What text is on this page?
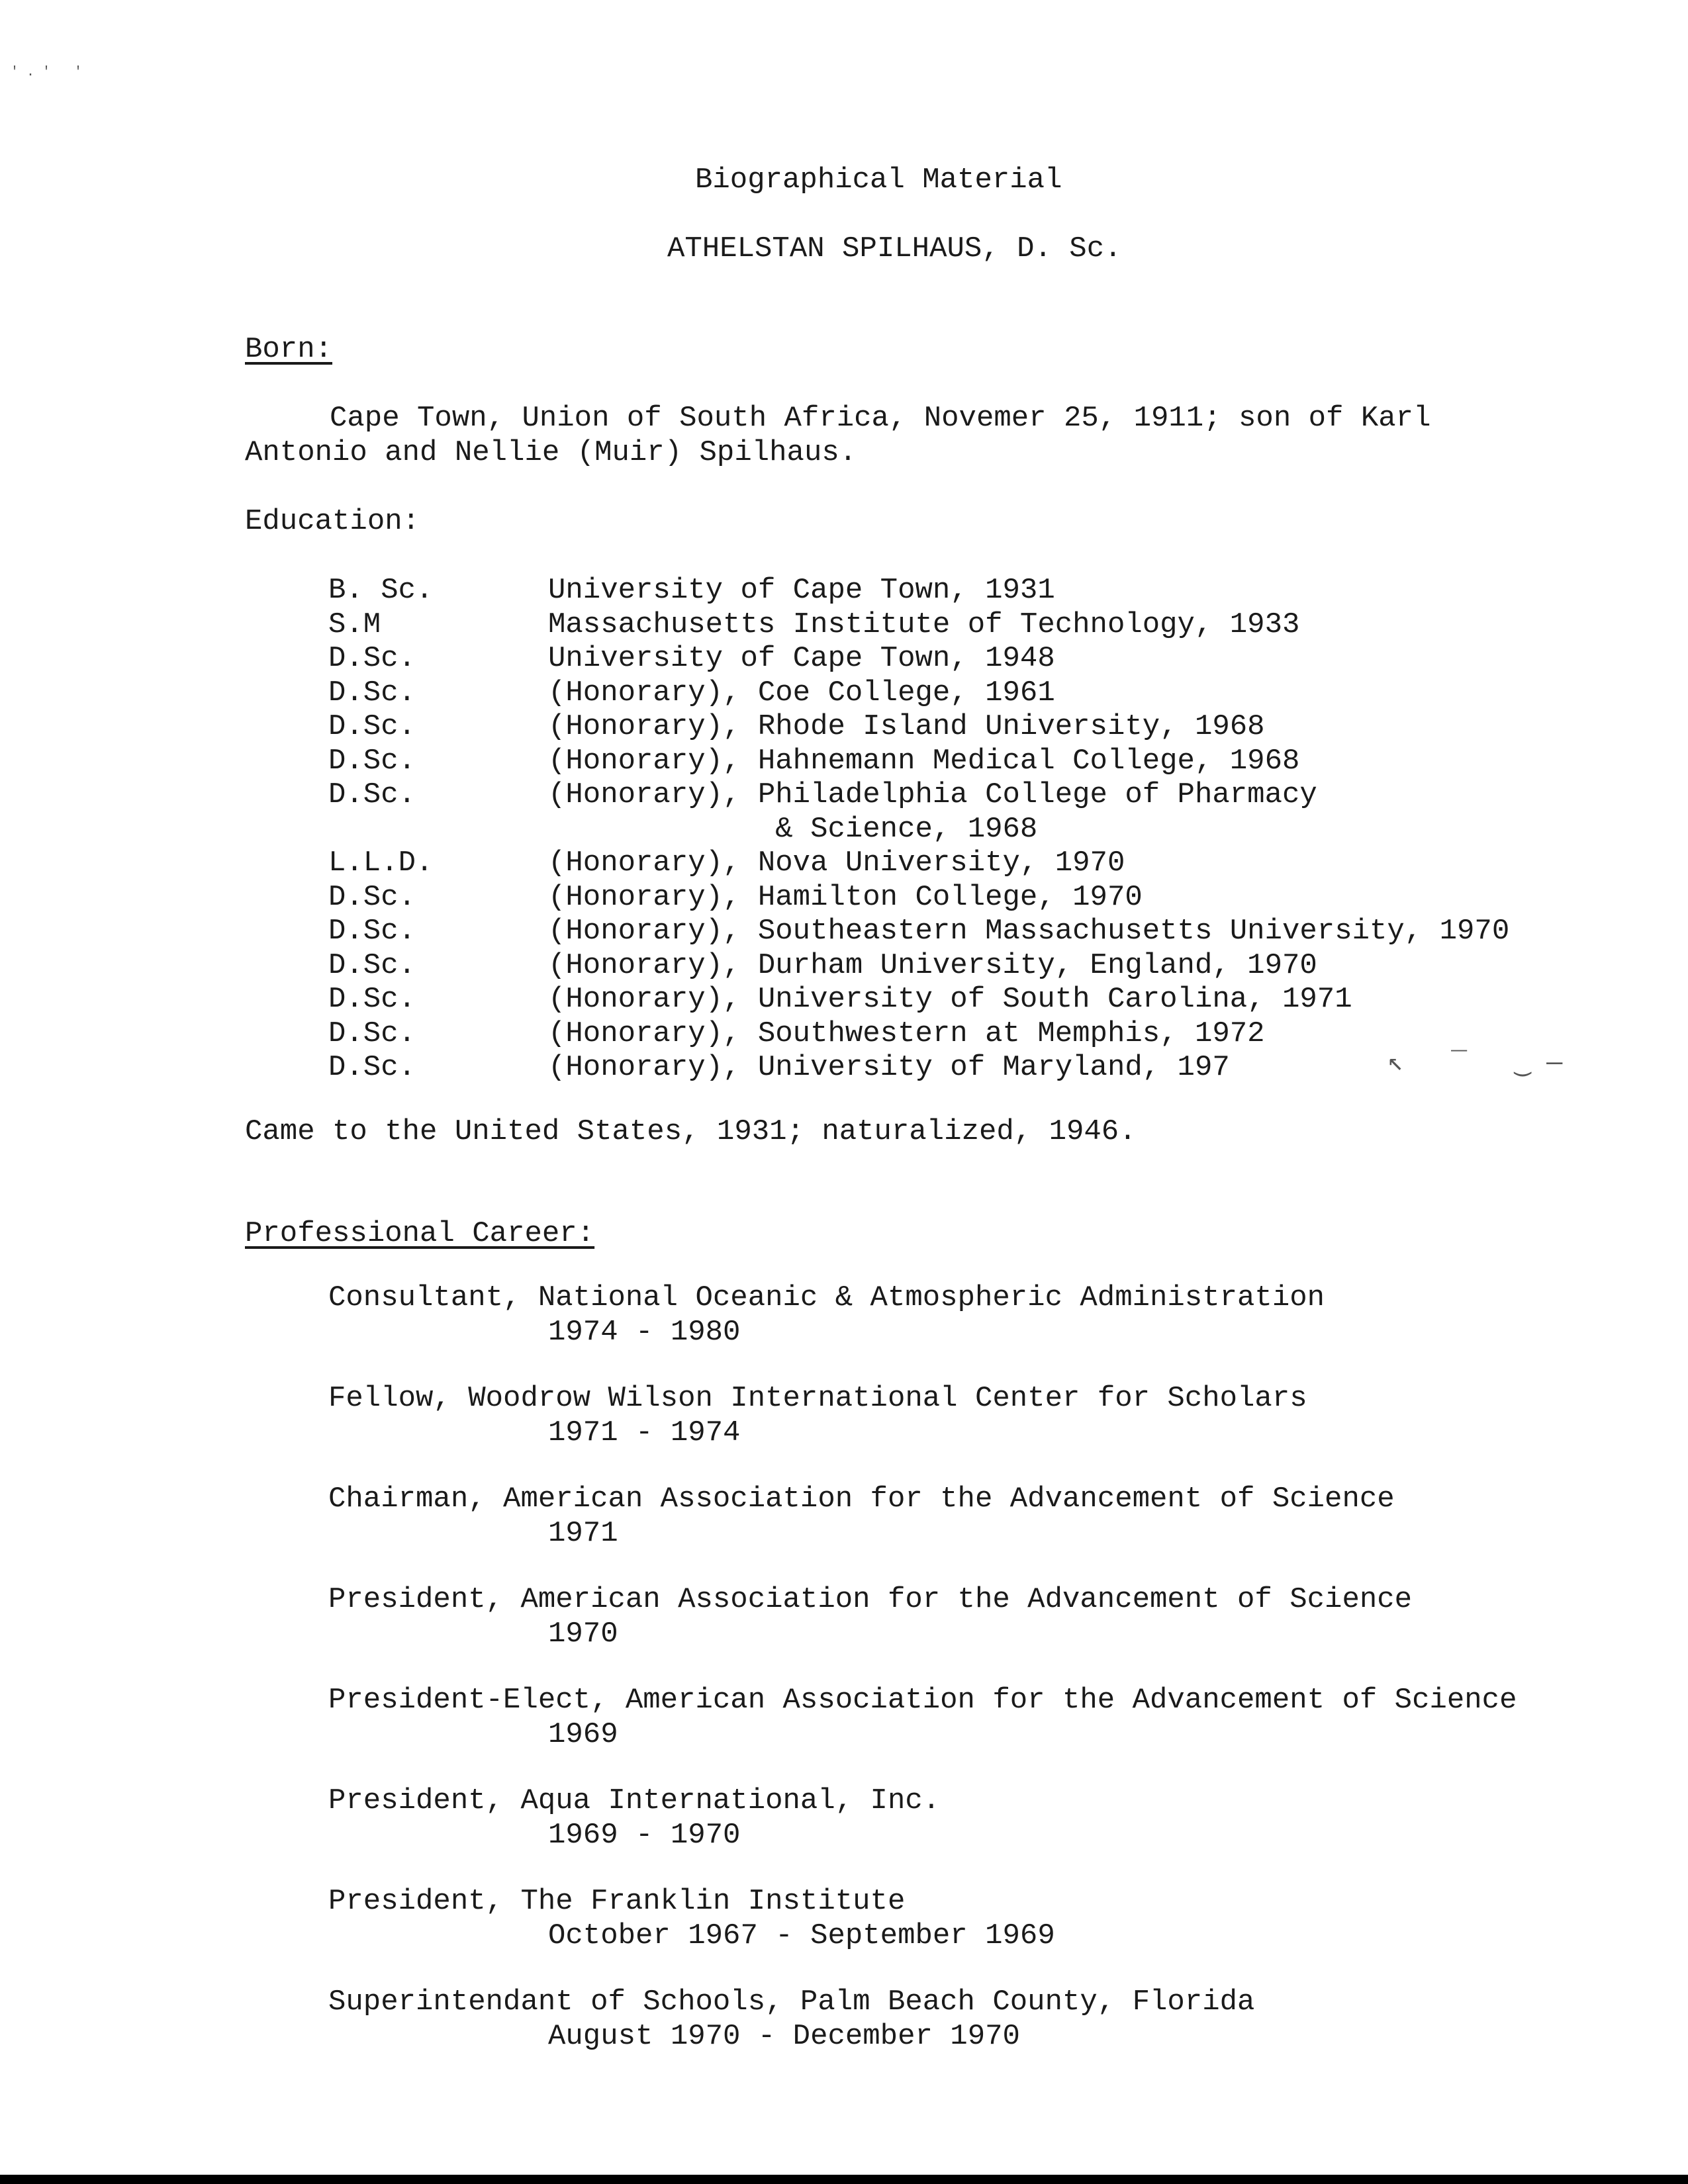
Biographical Material
ATHELSTAN SPILHAUS, D. Sc.
Born:
Cape Town, Union of South Africa, Novemer 25, 1911; son of Karl Antonio and Nellie (Muir) Spilhaus.
Education:
B. Sc.	University of Cape Town, 1931
S.M	Massachusetts Institute of Technology, 1933
D.Sc.	University of Cape Town, 1948
D.Sc.	(Honorary), Coe College, 1961
D.Sc.	(Honorary), Rhode Island University, 1968
D.Sc.	(Honorary), Hahnemann Medical College, 1968
D.Sc.	(Honorary), Philadelphia College of Pharmacy
& Science, 1968
L.L.D.	(Honorary), Nova University, 1970
D.Sc.	(Honorary), Hamilton College, 1970
D.Sc.	(Honorary), Southeastern Massachusetts University, 1970
D.Sc.	(Honorary), Durham University, England, 1970
D.Sc.	(Honorary), University of South Carolina, 1971
D.Sc.	(Honorary), Southwestern at Memphis, 1972
D.Sc.	(Honorary), University of Maryland, 197
Came to the United States, 1931; naturalized, 1946.
Professional Career:
Consultant, National Oceanic & Atmospheric Administration
1974 - 1980
Fellow, Woodrow Wilson International Center for Scholars
1971 - 1974
Chairman, American Association for the Advancement of Science
1971
President, American Association for the Advancement of Science
1970
President-Elect, American Association for the Advancement of Science
1969
President, Aqua International, Inc.
1969 - 1970
President, The Franklin Institute
October 1967 - September 1969
Superintendant of Schools, Palm Beach County, Florida
August 1970 - December 1970
' . '   '
↖   ‾   ‿ —
